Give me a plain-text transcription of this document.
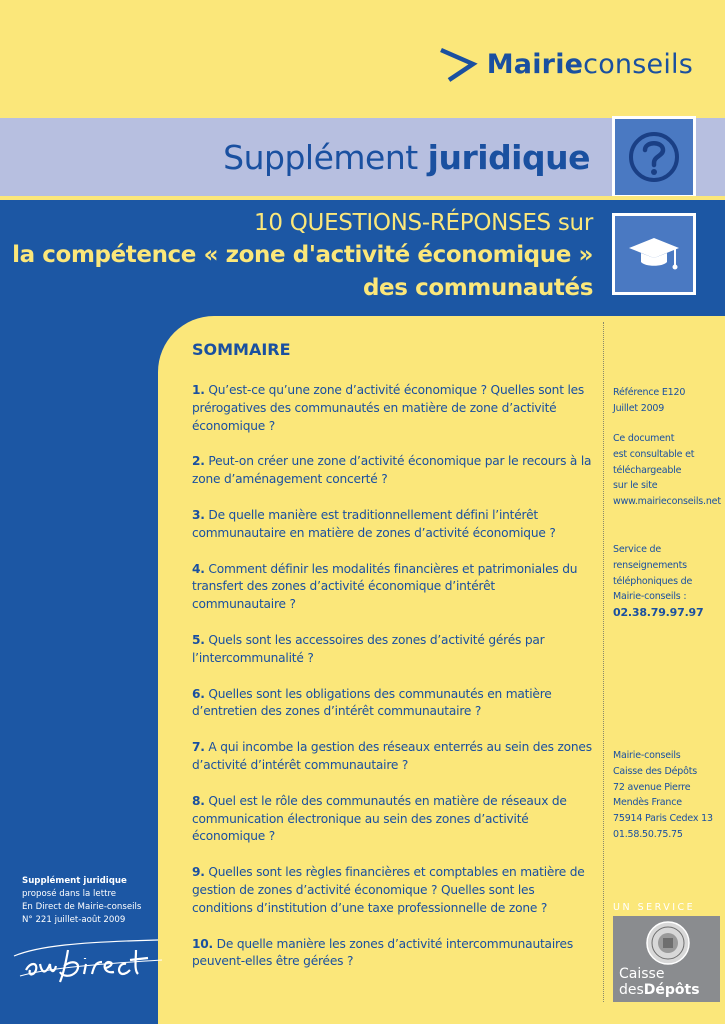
Mairieconseils
Supplément juridique
10 QUESTIONS-RÉPONSES sur
la compétence « zone d'activité économique »
des communautés
SOMMAIRE
1. Qu’est-ce qu’une zone d’activité économique ? Quelles sont les prérogatives des communautés en matière de zone d’activité économique ?
2. Peut-on créer une zone d’activité économique par le recours à la zone d’aménagement concerté ?
3. De quelle manière est traditionnellement défini l’intérêt communautaire en matière de zones d’activité économique ?
4. Comment définir les modalités financières et patrimoniales du transfert des zones d’activité économique d’intérêt communautaire ?
5. Quels sont les accessoires des zones d’activité gérés par l’intercommunalité ?
6. Quelles sont les obligations des communautés en matière d’entretien des zones d’intérêt communautaire ?
7. A qui incombe la gestion des réseaux enterrés au sein des zones d’activité d’intérêt communautaire ?
8. Quel est le rôle des communautés en matière de réseaux de communication électronique au sein des zones d’activité économique ?
9. Quelles sont les règles financières et comptables en matière de gestion de zones d’activité économique ? Quelles sont les conditions d’institution d’une taxe professionnelle de zone ?
10. De quelle manière les zones d’activité intercommunautaires peuvent-elles être gérées ?
Référence E120
Juillet 2009
Ce document
est consultable et
téléchargeable
sur le site
www.mairieconseils.net
Service de
renseignements
téléphoniques de
Mairie-conseils :
02.38.79.97.97
Mairie-conseils
Caisse des Dépôts
72 avenue Pierre
Mendès France
75914 Paris Cedex 13
01.58.50.75.75
UN SERVICE
Caisse
desDépôts
Supplément juridique
proposé dans la lettre
En Direct de Mairie-conseils
N° 221 juillet-août 2009
